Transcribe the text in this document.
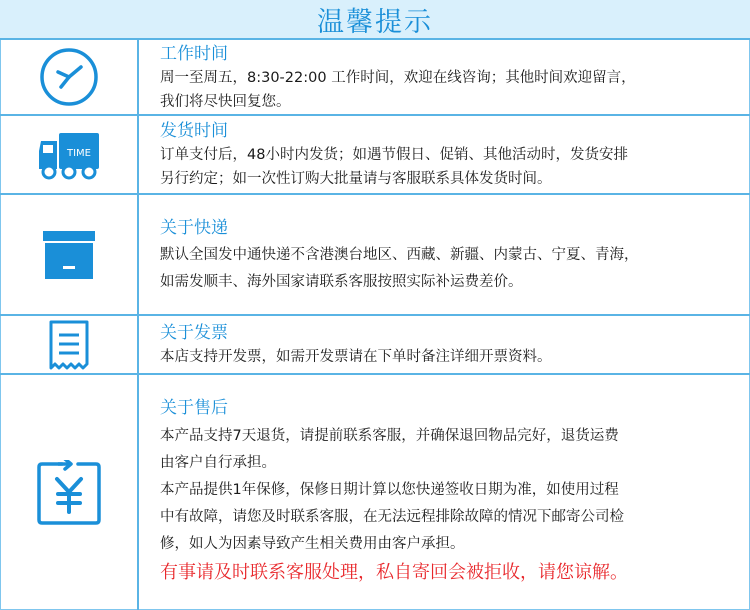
温馨提示
工作时间
周一至周五，8:30-22:00 工作时间，欢迎在线咨询；其他时间欢迎留言，
我们将尽快回复您。
TIME
发货时间
订单支付后，48小时内发货；如遇节假日、促销、其他活动时，发货安排
另行约定；如一次性订购大批量请与客服联系具体发货时间。
关于快递
默认全国发中通快递不含港澳台地区、西藏、新疆、内蒙古、宁夏、青海，
如需发顺丰、海外国家请联系客服按照实际补运费差价。
关于发票
本店支持开发票，如需开发票请在下单时备注详细开票资料。
关于售后
本产品支持7天退货，请提前联系客服，并确保退回物品完好，退货运费
由客户自行承担。
本产品提供1年保修，保修日期计算以您快递签收日期为准，如使用过程
中有故障，请您及时联系客服，在无法远程排除故障的情况下邮寄公司检
修，如人为因素导致产生相关费用由客户承担。
有事请及时联系客服处理，私自寄回会被拒收，请您谅解。
